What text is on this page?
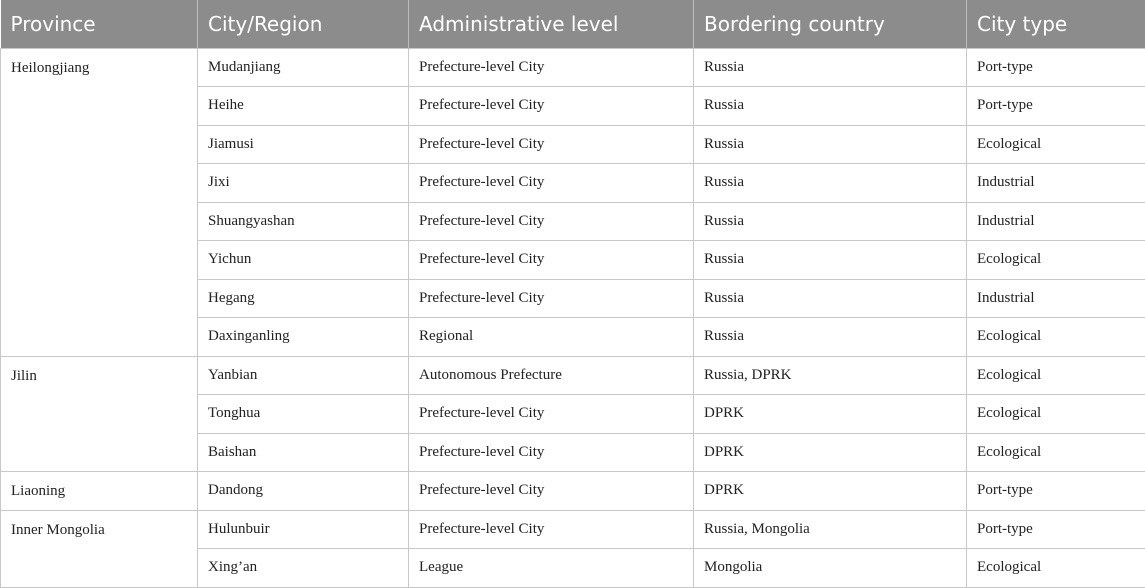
Province	City/Region	Administrative level	Bordering country	City type
Heilongjiang	Mudanjiang	Prefecture-level City	Russia	Port-type
	Heihe	Prefecture-level City	Russia	Port-type
	Jiamusi	Prefecture-level City	Russia	Ecological
	Jixi	Prefecture-level City	Russia	Industrial
	Shuangyashan	Prefecture-level City	Russia	Industrial
	Yichun	Prefecture-level City	Russia	Ecological
	Hegang	Prefecture-level City	Russia	Industrial
	Daxinganling	Regional	Russia	Ecological
Jilin	Yanbian	Autonomous Prefecture	Russia, DPRK	Ecological
	Tonghua	Prefecture-level City	DPRK	Ecological
	Baishan	Prefecture-level City	DPRK	Ecological
Liaoning	Dandong	Prefecture-level City	DPRK	Port-type
Inner Mongolia	Hulunbuir	Prefecture-level City	Russia, Mongolia	Port-type
	Xing’an	League	Mongolia	Ecological
